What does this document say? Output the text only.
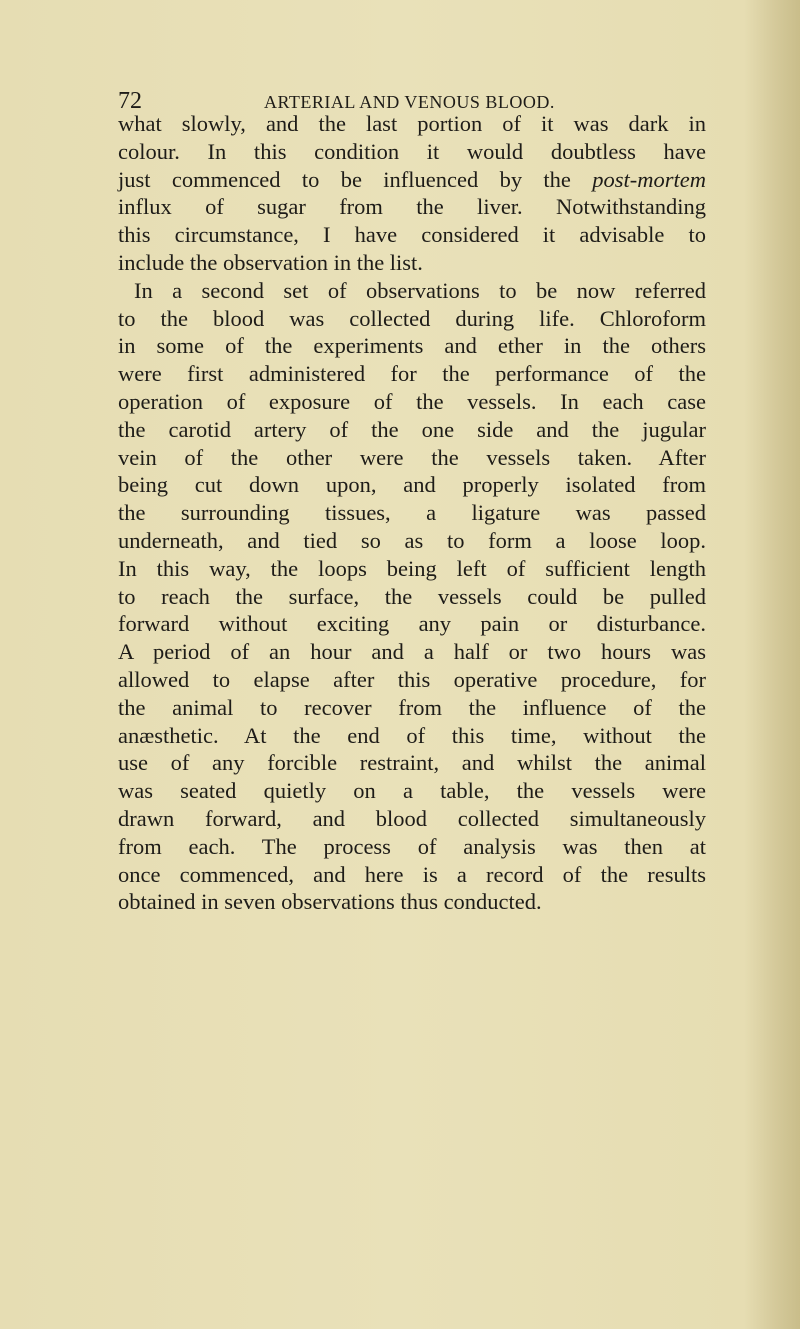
72	ARTERIAL AND VENOUS BLOOD.
what slowly, and the last portion of it was dark in
colour. In this condition it would doubtless have
just commenced to be influenced by the post-mortem
influx of sugar from the liver. Notwithstanding
this circumstance, I have considered it advisable to
include the observation in the list.
In a second set of observations to be now referred
to the blood was collected during life. Chloroform
in some of the experiments and ether in the others
were first administered for the performance of the
operation of exposure of the vessels. In each case
the carotid artery of the one side and the jugular
vein of the other were the vessels taken. After
being cut down upon, and properly isolated from
the surrounding tissues, a ligature was passed
underneath, and tied so as to form a loose loop.
In this way, the loops being left of sufficient length
to reach the surface, the vessels could be pulled
forward without exciting any pain or disturbance.
A period of an hour and a half or two hours was
allowed to elapse after this operative procedure, for
the animal to recover from the influence of the
anæsthetic. At the end of this time, without the
use of any forcible restraint, and whilst the animal
was seated quietly on a table, the vessels were
drawn forward, and blood collected simultaneously
from each. The process of analysis was then at
once commenced, and here is a record of the results
obtained in seven observations thus conducted.
